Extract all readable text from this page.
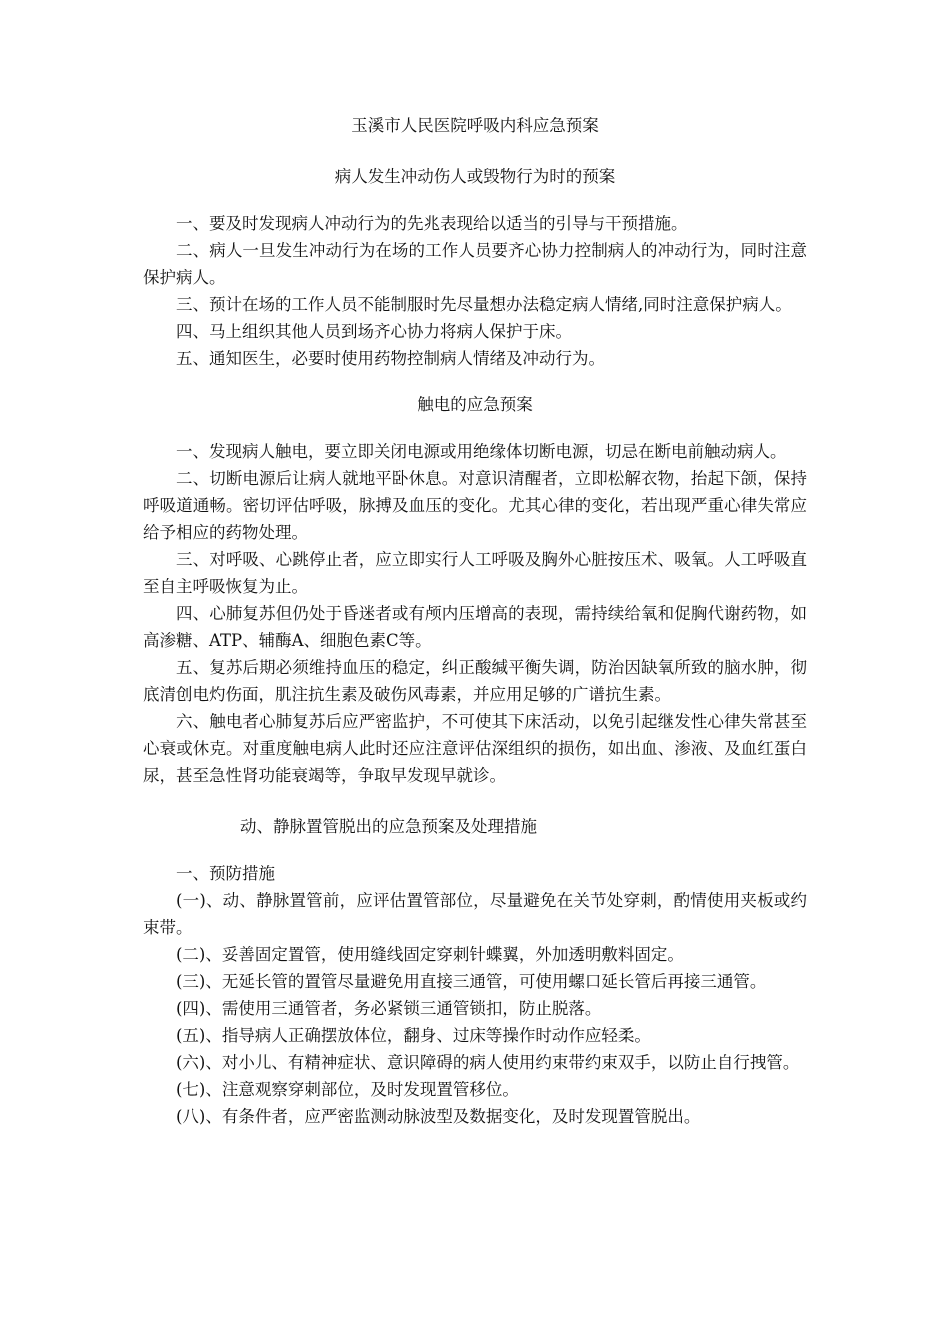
玉溪市人民医院呼吸内科应急预案
病人发生冲动伤人或毁物行为时的预案

一、要及时发现病人冲动行为的先兆表现给以适当的引导与干预措施。

二、病人一旦发生冲动行为在场的工作人员要齐心协力控制病人的冲动行为，同时注意保护病人。

三、预计在场的工作人员不能制服时先尽量想办法稳定病人情绪,同时注意保护病人。

四、马上组织其他人员到场齐心协力将病人保护于床。

五、通知医生，必要时使用药物控制病人情绪及冲动行为。

触电的应急预案

一、发现病人触电，要立即关闭电源或用绝缘体切断电源，切忌在断电前触动病人。

二、切断电源后让病人就地平卧休息。对意识清醒者，立即松解衣物，抬起下颌，保持呼吸道通畅。密切评估呼吸，脉搏及血压的变化。尤其心律的变化，若出现严重心律失常应给予相应的药物处理。

三、对呼吸、心跳停止者，应立即实行人工呼吸及胸外心脏按压术、吸氧。人工呼吸直至自主呼吸恢复为止。

四、心肺复苏但仍处于昏迷者或有颅内压增高的表现，需持续给氧和促胸代谢药物，如高渗糖、ATP、辅酶A、细胞色素C等。

五、复苏后期必须维持血压的稳定，纠正酸缄平衡失调，防治因缺氧所致的脑水肿，彻底清创电灼伤面，肌注抗生素及破伤风毒素，并应用足够的广谱抗生素。

六、触电者心肺复苏后应严密监护，不可使其下床活动，以免引起继发性心律失常甚至心衰或休克。对重度触电病人此时还应注意评估深组织的损伤，如出血、渗液、及血红蛋白尿，甚至急性肾功能衰竭等，争取早发现早就诊。

动、静脉置管脱出的应急预案及处理措施

一、预防措施

(一)、动、静脉置管前，应评估置管部位，尽量避免在关节处穿刺，酌情使用夹板或约束带。

(二)、妥善固定置管，使用缝线固定穿刺针蝶翼，外加透明敷料固定。

(三)、无延长管的置管尽量避免用直接三通管，可使用螺口延长管后再接三通管。

(四)、需使用三通管者，务必紧锁三通管锁扣，防止脱落。

(五)、指导病人正确摆放体位，翻身、过床等操作时动作应轻柔。

(六)、对小儿、有精神症状、意识障碍的病人使用约束带约束双手，以防止自行拽管。

(七)、注意观察穿刺部位，及时发现置管移位。

(八)、有条件者，应严密监测动脉波型及数据变化，及时发现置管脱出。
